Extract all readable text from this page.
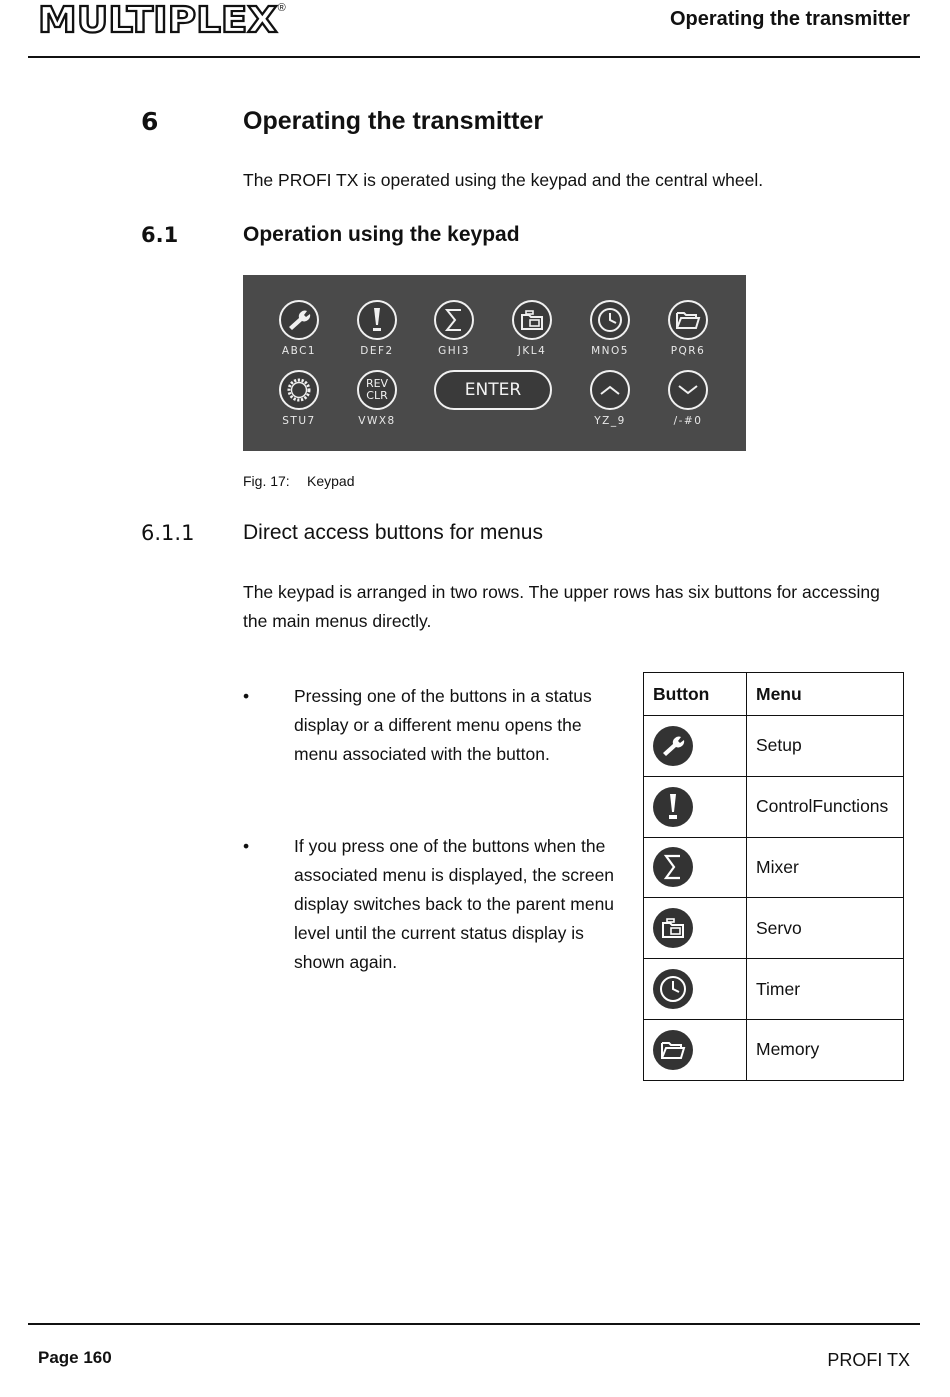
MULTIPLEX ®	Operating the transmitter
6	Operating the transmitter
The PROFI TX is operated using the keypad and the central wheel.
6.1	Operation using the keypad
ABC1	DEF2	GHI3	JKL4	MNO5	PQR6
STU7
REV
CLR
VWX8
ENTER
YZ_9	/-#0
Fig. 17: Keypad
6.1.1 Direct access buttons for menus
The keypad is arranged in two rows. The upper rows has six buttons for accessing
the main menus directly.
•	Pressing one of the buttons in a status
display or a different menu opens the
menu associated with the button.
•	If you press one of the buttons when the
associated menu is displayed, the screen
display switches back to the parent menu
level until the current status display is
shown again.
Button	Menu

	Setup

	ControlFunctions

	Mixer

	Servo

	Timer

	Memory
Page 160	PROFI TX
